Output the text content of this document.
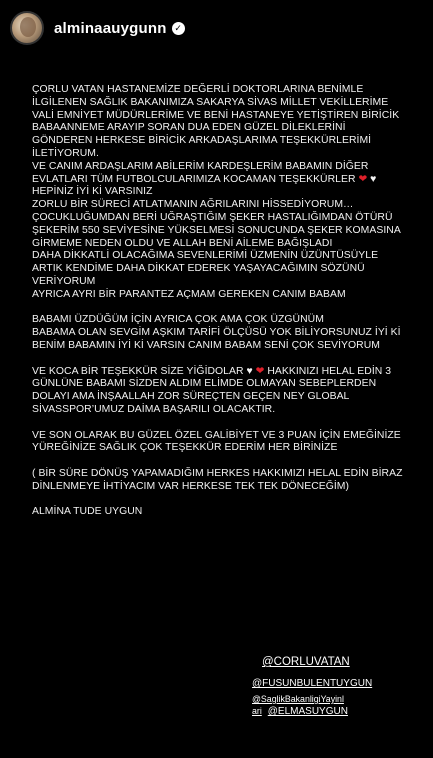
alminaauygunn ✓
ÇORLU VATAN HASTANEMİZE DEĞERLİ DOKTORLARINA BENİMLE
İLGİLENEN SAĞLIK BAKANIMIZA SAKARYA SİVAS MİLLET VEKİLLERİME
VALİ EMNİYET MÜDÜRLERİME VE BENİ HASTANEYE YETİŞTİREN BİRİCİK
BABAANNEME ARAYIP SORAN DUA EDEN GÜZEL DİLEKLERİNİ
GÖNDEREN HERKESE BİRİCİK ARKADAŞLARIMA TEŞEKKÜRLERİMİ
İLETİYORUM.
VE CANIM ARDAŞLARIM ABİLERİM KARDEŞLERİM BABAMIN DİĞER
EVLATLARI TÜM FUTBOLCULARIMIZA KOCAMAN TEŞEKKÜRLER ❤ ♥
HEPİNİZ İYİ Kİ VARSINIZ
ZORLU BİR SÜRECİ ATLATMANIN AĞRILARINI HİSSEDİYORUM…
ÇOCUKLUĞUMDAN BERİ UĞRAŞTIĞIM ŞEKER HASTALIĞIMDAN ÖTÜRÜ
ŞEKERİM 550 SEVİYESİNE YÜKSELMESİ SONUCUNDA ŞEKER KOMASINA
GİRMEME NEDEN OLDU VE ALLAH BENİ AİLEME BAĞIŞLADI
DAHA DİKKATLİ OLACAĞIMA SEVENLERİMİ ÜZMENİN ÜZÜNTÜSÜYLE
ARTIK KENDİME DAHA DİKKAT EDEREK YAŞAYACAĞIMIN SÖZÜNÜ
VERİYORUM
AYRICA AYRI BİR PARANTEZ AÇMAM GEREKEN CANIM BABAM
BABAMI ÜZDÜĞÜM İÇİN AYRICA ÇOK AMA ÇOK ÜZGÜNÜM
BABAMA OLAN SEVGİM AŞKIM TARİFİ ÖLÇÜSÜ YOK BİLİYORSUNUZ İYİ Kİ
BENİM BABAMIN İYİ Kİ VARSIN CANIM BABAM SENİ ÇOK SEVİYORUM
VE KOCA BİR TEŞEKKÜR SİZE YİĞİDOLAR ♥ ❤ HAKKINIZI HELAL EDİN 3
GÜNLÜNE BABAMI SİZDEN ALDIM ELİMDE OLMAYAN SEBEPLERDEN
DOLAYI AMA İNŞAALLAH ZOR SÜREÇTEN GEÇEN NEY GLOBAL
SİVASSPOR’UMUZ DAİMA BAŞARILI OLACAKTIR.
VE SON OLARAK BU GÜZEL ÖZEL GALİBİYET VE 3 PUAN İÇİN EMEĞİNİZE
YÜREĞİNİZE SAĞLIK ÇOK TEŞEKKÜR EDERİM HER BİRİNİZE
( BİR SÜRE DÖNÜŞ YAPAMADIĞIM HERKES HAKKIMIZI HELAL EDİN BİRAZ
DİNLENMEYE İHTİYACIM VAR HERKESE TEK TEK DÖNECEĞİM)
ALMİNA TUDE UYGUN
@CORLUVATAN
@FUSUNBULENTUYGUN
@SaglikBakanligiYayinl
ari @ELMASUYGUN
